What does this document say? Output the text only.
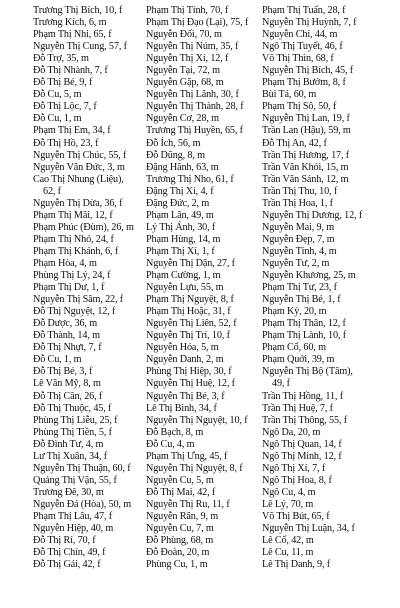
Trương Thị Bích, 10, f
Trương Kích, 6, m
Phạm Thị Nhi, 65, f
Nguyễn Thị Cung, 57, f
Đỗ Trợ, 35, m
Đỗ Thị Nhành, 7, f
Đỗ Thị Bé, 9, f
Đỗ Cu, 5, m
Đỗ Thị Lộc, 7, f
Đỗ Cu, 1, m
Phạm Thị Em, 34, f
Đỗ Thị Hồ, 23, f
Nguyễn Thị Chúc, 55, f
Nguyễn Văn Đức, 3, m
Cao Thị Nhung (Liệu),
62, f
Nguyễn Thị Dừa, 36, f
Phạm Thị Mãi, 12, f
Phạm Phúc (Đùm), 26, m
Phạm Thị Nhỏ, 24, f
Phạm Thị Khánh, 6, f
Phạm Hòa, 4, m
Phùng Thị Lý, 24, f
Phạm Thị Dư, 1, f
Nguyễn Thị Sâm, 22, f
Đỗ Thị Nguyệt, 12, f
Đỗ Dược, 36, m
Đỗ Thành, 14, m
Đỗ Thị Nhựt, 7, f
Đỗ Cu, 1, m
Đỗ Thị Bé, 3, f
Lê Văn Mỹ, 8, m
Đỗ Thị Cân, 26, f
Đỗ Thị Thuộc, 45, f
Phùng Thị Liễu, 25, f
Phùng Thị Tiền, 5, f
Đỗ Đình Tư, 4, m
Lư Thị Xuân, 34, f
Nguyễn Thị Thuận, 60, f
Quảng Thị Vận, 55, f
Trương Đê, 30, m
Nguyễn Đá (Hòa), 50, m
Phạm Thị Lâu, 47, f
Nguyễn Hiệp, 40, m
Đỗ Thị Rí, 70, f
Đỗ Thị Chín, 49, f
Đỗ Thị Gái, 42, f
Phạm Thị Tính, 70, f
Phạm Thị Đạo (Lại), 75, f
Nguyễn Đối, 70, m
Nguyễn Thị Núm, 35, f
Nguyễn Thị Xí, 12, f
Nguyễn Tại, 72, m
Nguyễn Gặp, 68, m
Nguyễn Thị Lãnh, 30, f
Nguyễn Thị Thành, 28, f
Nguyễn Cơ, 28, m
Trương Thị Huyền, 65, f
Đỗ Ích, 56, m
Đỗ Dũng, 8, m
Đặng Hãnh, 63, m
Trương Thị Nho, 61, f
Đặng Thị Xí, 4, f
Đặng Đức, 2, m
Phạm Lân, 49, m
Lý Thị Ánh, 30, f
Phạm Hùng, 14, m
Phạm Thị Xí, 1, f
Nguyễn Thị Dận, 27, f
Phạm Cường, 1, m
Nguyễn Lựu, 55, m
Phạm Thị Nguyệt, 8, f
Phạm Thị Hoặc, 31, f
Nguyễn Thị Liên, 52, f
Nguyễn Thị Trí, 10, f
Nguyễn Hóa, 5, m
Nguyễn Danh, 2, m
Phùng Thị Hiệp, 30, f
Nguyễn Thị Huệ, 12, f
Nguyễn Thị Bé, 3, f
Lê Thị Bình, 34, f
Nguyễn Thị Nguyệt, 10, f
Đỗ Bạch, 8, m
Đỗ Cu, 4, m
Phạm Thị Ưng, 45, f
Nguyễn Thị Nguyệt, 8, f
Nguyễn Cu, 5, m
Đỗ Thị Mai, 42, f
Nguyễn Thị Ru, 11, f
Nguyễn Rân, 9, m
Nguyễn Cu, 7, m
Đỗ Phùng, 68, m
Đỗ Đoàn, 20, m
Phùng Cu, 1, m
Phạm Thị Tuấn, 28, f
Nguyễn Thị Huỳnh, 7, f
Nguyễn Chí, 44, m
Ngô Thị Tuyết, 46, f
Võ Thị Thìn, 68, f
Nguyễn Thị Bích, 45, f
Phạm Thị Bướm, 8, f
Bùi Tá, 60, m
Phạm Thị Sô, 50, f
Nguyễn Thị Lan, 19, f
Trần Lan (Hậu), 59, m
Đỗ Thị An, 42, f
Trần Thị Hương, 17, f
Trần Văn Khói, 15, m
Trần Văn Sánh, 12, m
Trần Thị Thu, 10, f
Trần Thị Hoa, 1, f
Nguyễn Thị Dương, 12, f
Nguyễn Mai, 9, m
Nguyễn Đẹp, 7, m
Nguyễn Tính, 4, m
Nguyễn Tư, 2, m
Nguyễn Khương, 25, m
Phạm Thị Tư, 23, f
Nguyễn Thị Bé, 1, f
Phạm Kỳ, 20, m
Phạm Thị Thân, 12, f
Phạm Thị Lành, 10, f
Phạm Cổ, 60, m
Phạm Quới, 39, m
Nguyễn Thị Bộ (Tâm),
49, f
Trần Thị Hồng, 11, f
Trần Thị Huệ, 7, f
Trần Thị Thông, 55, f
Ngô Da, 20, m
Ngô Thị Quan, 14, f
Ngô Thị Minh, 12, f
Ngô Thị Xí, 7, f
Ngô Thị Hoa, 8, f
Ngô Cu, 4, m
Lê Lý, 70, m
Võ Thị Bút, 65, f
Nguyễn Thị Luận, 34, f
Lê Cố, 42, m
Lê Cu, 11, m
Lê Thị Danh, 9, f
